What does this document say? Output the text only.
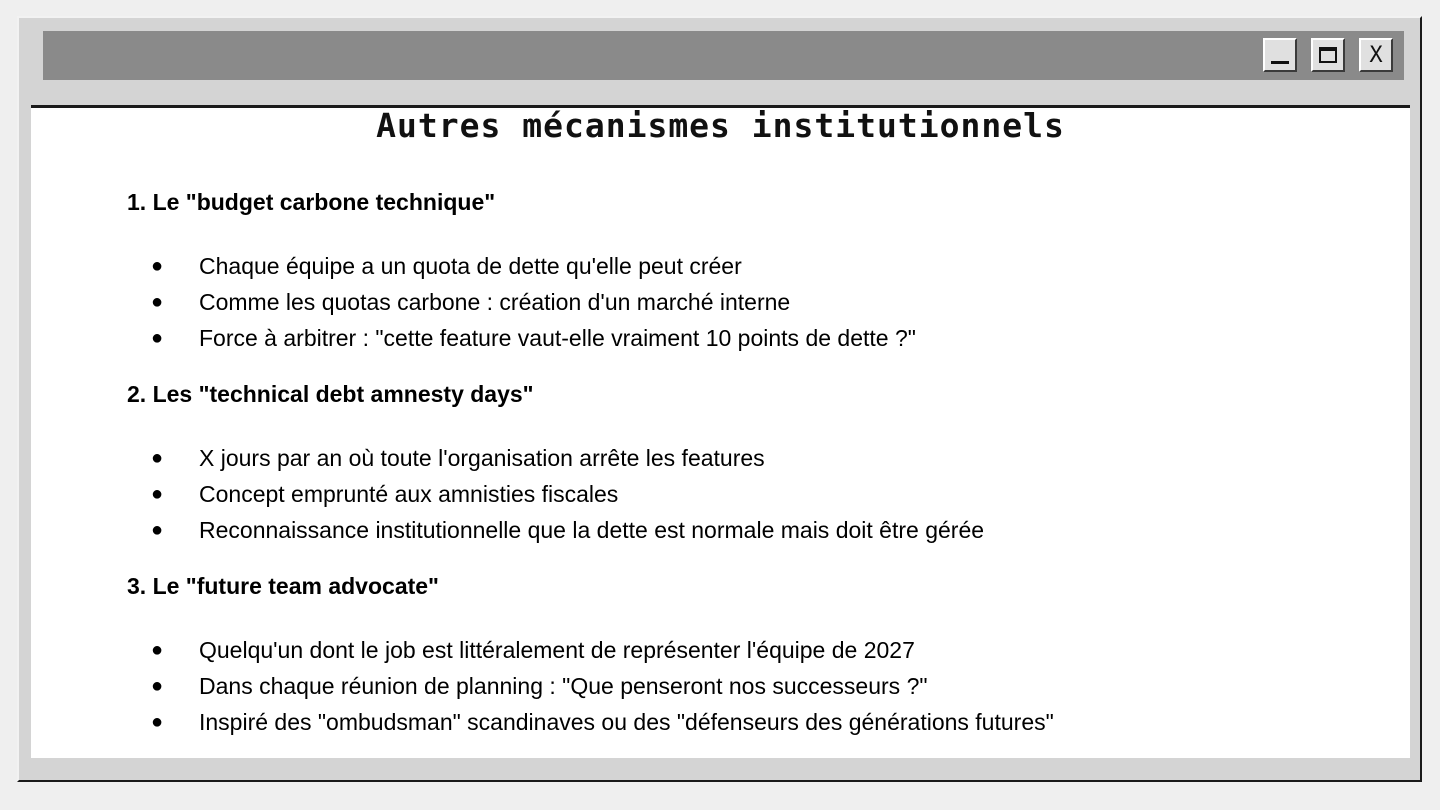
X
Autres mécanismes institutionnels
1. Le "budget carbone technique"
● Chaque équipe a un quota de dette qu'elle peut créer
● Comme les quotas carbone : création d'un marché interne
● Force à arbitrer : "cette feature vaut-elle vraiment 10 points de dette ?"
2. Les "technical debt amnesty days"
● X jours par an où toute l'organisation arrête les features
● Concept emprunté aux amnisties fiscales
● Reconnaissance institutionnelle que la dette est normale mais doit être gérée
3. Le "future team advocate"
● Quelqu'un dont le job est littéralement de représenter l'équipe de 2027
● Dans chaque réunion de planning : "Que penseront nos successeurs ?"
● Inspiré des "ombudsman" scandinaves ou des "défenseurs des générations futures"
